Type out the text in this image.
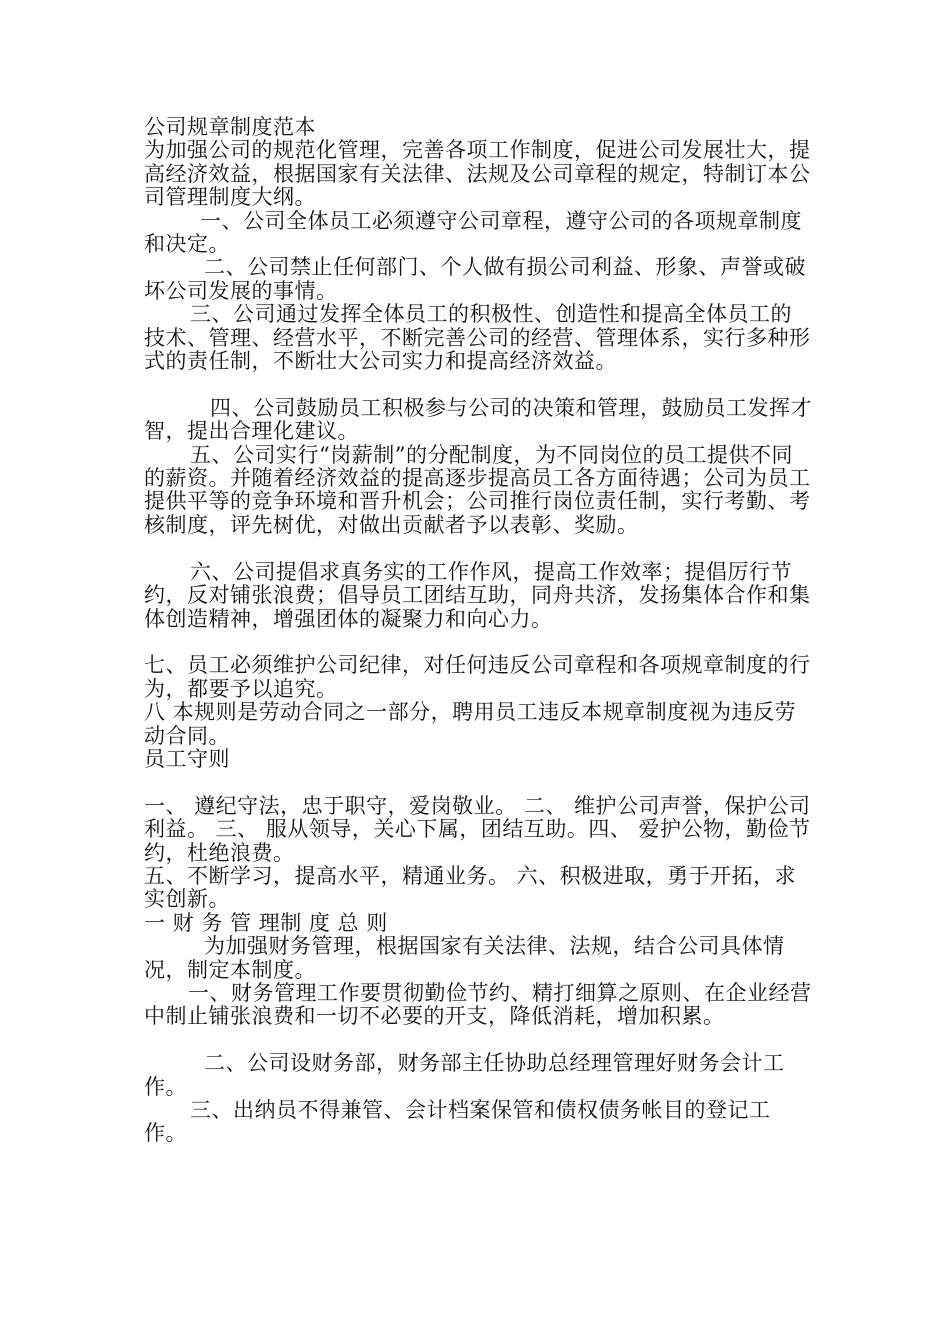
公司规章制度范本

为加强公司的规范化管理，完善各项工作制度，促进公司发展壮大，提高经济效益，根据国家有关法律、法规及公司章程的规定，特制订本公司管理制度大纲。

一、公司全体员工必须遵守公司章程，遵守公司的各项规章制度和决定。

二、公司禁止任何部门、个人做有损公司利益、形象、声誉或破坏公司发展的事情。

三、公司通过发挥全体员工的积极性、创造性和提高全体员工的技术、管理、经营水平，不断完善公司的经营、管理体系，实行多种形式的责任制，不断壮大公司实力和提高经济效益。

四、公司鼓励员工积极参与公司的决策和管理，鼓励员工发挥才智，提出合理化建议。

五、公司实行“岗薪制”的分配制度，为不同岗位的员工提供不同的薪资。并随着经济效益的提高逐步提高员工各方面待遇；公司为员工提供平等的竞争环境和晋升机会；公司推行岗位责任制，实行考勤、考核制度，评先树优，对做出贡献者予以表彰、奖励。

六、公司提倡求真务实的工作作风，提高工作效率；提倡厉行节约，反对铺张浪费；倡导员工团结互助，同舟共济，发扬集体合作和集体创造精神，增强团体的凝聚力和向心力。

七、员工必须维护公司纪律，对任何违反公司章程和各项规章制度的行为，都要予以追究。

八 本规则是劳动合同之一部分，聘用员工违反本规章制度视为违反劳动合同。

员工守则

一、 遵纪守法，忠于职守，爱岗敬业。 二、 维护公司声誉，保护公司利益。 三、 服从领导，关心下属，团结互助。四、 爱护公物，勤俭节约，杜绝浪费。

五、不断学习，提高水平，精通业务。 六、积极进取，勇于开拓，求实创新。

一 财 务 管 理制 度 总 则

为加强财务管理，根据国家有关法律、法规，结合公司具体情况，制定本制度。

一、财务管理工作要贯彻勤俭节约、精打细算之原则、在企业经营中制止铺张浪费和一切不必要的开支，降低消耗，增加积累。

二、公司设财务部，财务部主任协助总经理管理好财务会计工作。

三、出纳员不得兼管、会计档案保管和债权债务帐目的登记工作。
